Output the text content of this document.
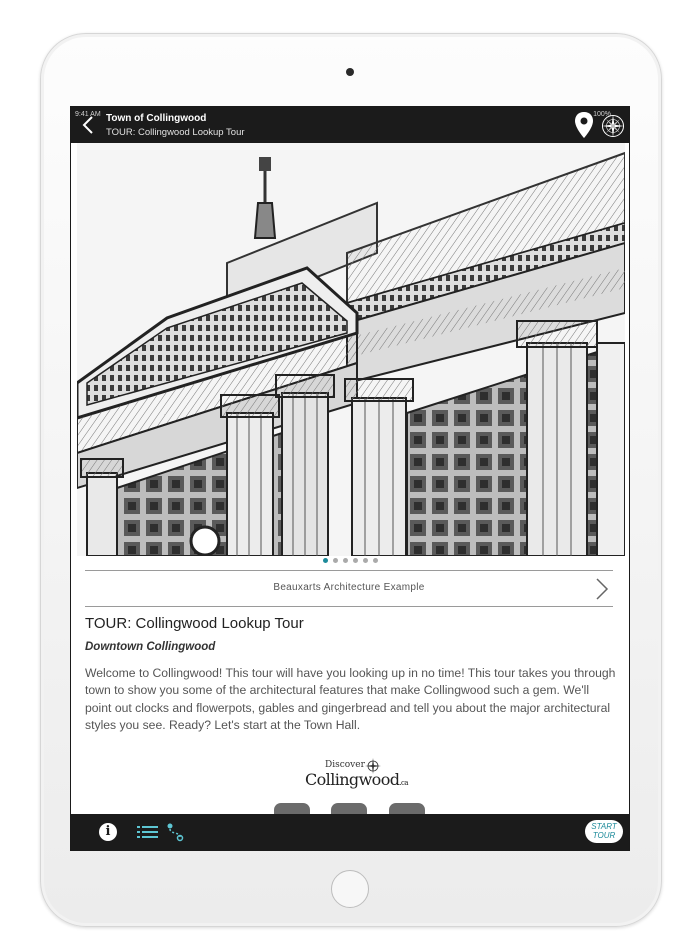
9:41 AM	100%
Town of Collingwood
TOUR: Collingwood Lookup Tour
Beauxarts Architecture Example
TOUR: Collingwood Lookup Tour
Downtown Collingwood

Welcome to Collingwood! This tour will have you looking up in no time! This tour takes you through town to show you some of the architectural features that make Collingwood such a gem. We'll point out clocks and flowerpots, gables and gingerbread and tell you about the major architectural styles you see. Ready? Let's start at the Town Hall.

Discover
Collingwood.ca
i	START
TOUR
